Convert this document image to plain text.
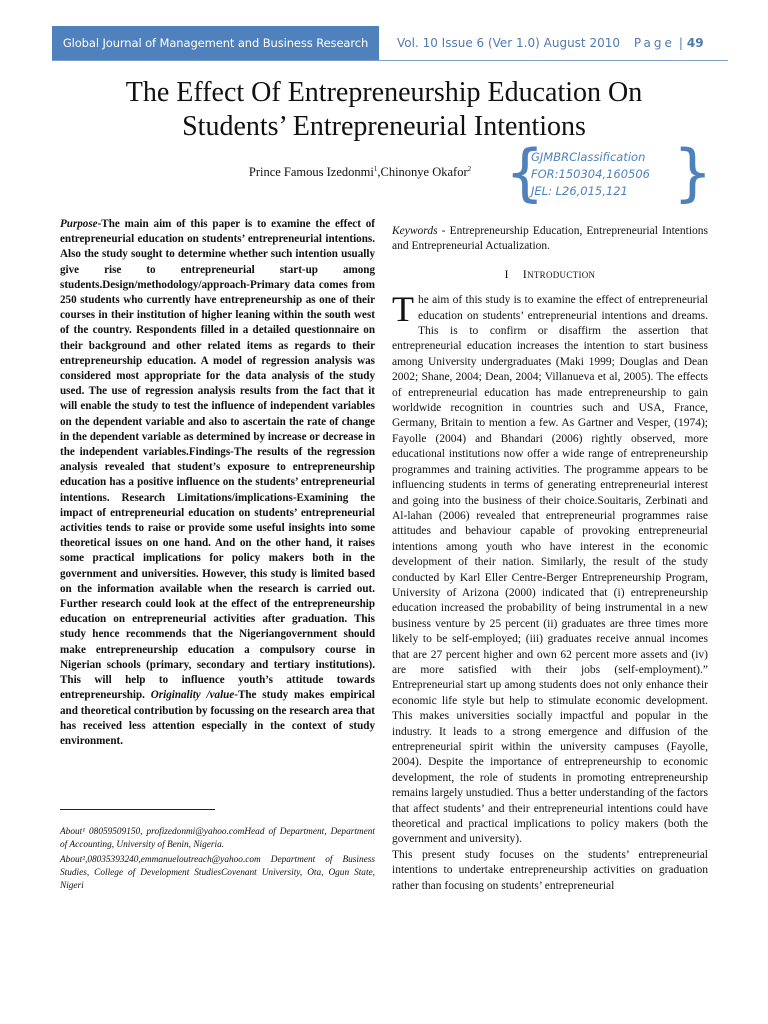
Global Journal of Management and Business Research	Vol. 10 Issue 6 (Ver 1.0) August 2010 Page | 49
The Effect Of Entrepreneurship Education On
Students’ Entrepreneurial Intentions
Prince Famous Izedonmi$^1$,Chinonye Okafor$^2$ {
GJMBRClassification
FOR:150304,160506
JEL: L26,015,121 }

Purpose-The main aim of this paper is to examine the effect of entrepreneurial education on students’ entrepreneurial intentions. Also the study sought to determine whether such intention usually give rise to entrepreneurial start-up among students.Design/methodology/approach-Primary data comes from 250 students who currently have entrepreneurship as one of their courses in their institution of higher leaning within the south west of the country. Respondents filled in a detailed questionnaire on their background and other related items as regards to their entrepreneurship education. A model of regression analysis was considered most appropriate for the data analysis of the study used. The use of regression analysis results from the fact that it will enable the study to test the influence of independent variables on the dependent variable and also to ascertain the rate of change in the dependent variable as determined by increase or decrease in the independent variables.Findings-The results of the regression analysis revealed that student’s exposure to entrepreneurship education has a positive influence on the students’ entrepreneurial intentions. Research Limitations/implications-Examining the impact of entrepreneurial education on students’ entrepreneurial activities tends to raise or provide some useful insights into some theoretical issues on one hand. And on the other hand, it raises some practical implications for policy makers both in the government and universities. However, this study is limited based on the information available when the research is carried out. Further research could look at the effect of the entrepreneurship education on entrepreneurial activities after graduation. This study hence recommends that the Nigeriangovernment should make entrepreneurship education a compulsory course in Nigerian schools (primary, secondary and tertiary institutions). This will help to influence youth’s attitude towards entrepreneurship. Originality /value-The study makes empirical and theoretical contribution by focussing on the research area that has received less attention especially in the context of study environment.

About¹ 08059509150, profizedonmi@yahoo.comHead of Department, Department of Accounting, University of Benin, Nigeria.

About²,08035393240,emmanueloutreach@yahoo.com Department of Business Studies, College of Development StudiesCovenant University, Ota, Ogun State, Nigeri

Keywords - Entrepreneurship Education, Entrepreneurial Intentions and Entrepreneurial Actualization.

I INTRODUCTION

The aim of this study is to examine the effect of entrepreneurial education on students’ entrepreneurial intentions and dreams. This is to confirm or disaffirm the assertion that entrepreneurial education increases the intention to start business among University undergraduates (Maki 1999; Douglas and Dean 2002; Shane, 2004; Dean, 2004; Villanueva et al, 2005). The effects of entrepreneurial education has made entrepreneurship to gain worldwide recognition in countries such and USA, France, Germany, Britain to mention a few. As Gartner and Vesper, (1974); Fayolle (2004) and Bhandari (2006) rightly observed, more educational institutions now offer a wide range of entrepreneurship programmes and training activities. The programme appears to be influencing students in terms of generating entrepreneurial interest and going into the business of their choice.Souitaris, Zerbinati and Al-lahan (2006) revealed that entrepreneurial programmes raise attitudes and behaviour capable of provoking entrepreneurial intentions among youth who have interest in the economic development of their nation. Similarly, the result of the study conducted by Karl Eller Centre-Berger Entrepreneurship Program, University of Arizona (2000) indicated that (i) entrepreneurship education increased the probability of being instrumental in a new business venture by 25 percent (ii) graduates are three times more likely to be self-employed; (iii) graduates receive annual incomes that are 27 percent higher and own 62 percent more assets and (iv) are more satisfied with their jobs (self-employment).” Entrepreneurial start up among students does not only enhance their economic life style but help to stimulate economic development. This makes universities socially impactful and popular in the industry. It leads to a strong emergence and diffusion of the entrepreneurial spirit within the university campuses (Fayolle, 2004). Despite the importance of entrepreneurship to economic development, the role of students in promoting entrepreneurship remains largely unstudied. Thus a better understanding of the factors that affect students’ and their entrepreneurial intentions could have theoretical and practical implications to policy makers (both the government and university).

This present study focuses on the students’ entrepreneurial intentions to undertake entrepreneurship activities on graduation rather than focusing on students’ entrepreneurial
